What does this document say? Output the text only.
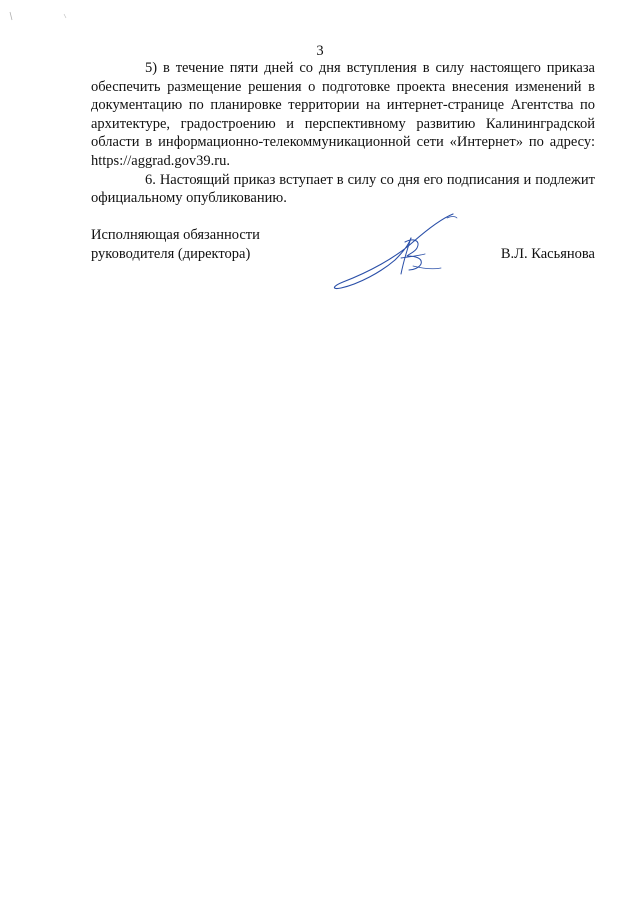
3

5) в течение пяти дней со дня вступления в силу настоящего приказа обеспечить размещение решения о подготовке проекта внесения изменений в документацию по планировке территории на интернет-странице Агентства по архитектуре, градостроению и перспективному развитию Калининградской области в информационно-телекоммуникационной сети «Интернет» по адресу: https://aggrad.gov39.ru.

6. Настоящий приказ вступает в силу со дня его подписания и подлежит официальному опубликованию.

Исполняющая обязанности
руководителя (директора)	В.Л. Касьянова
